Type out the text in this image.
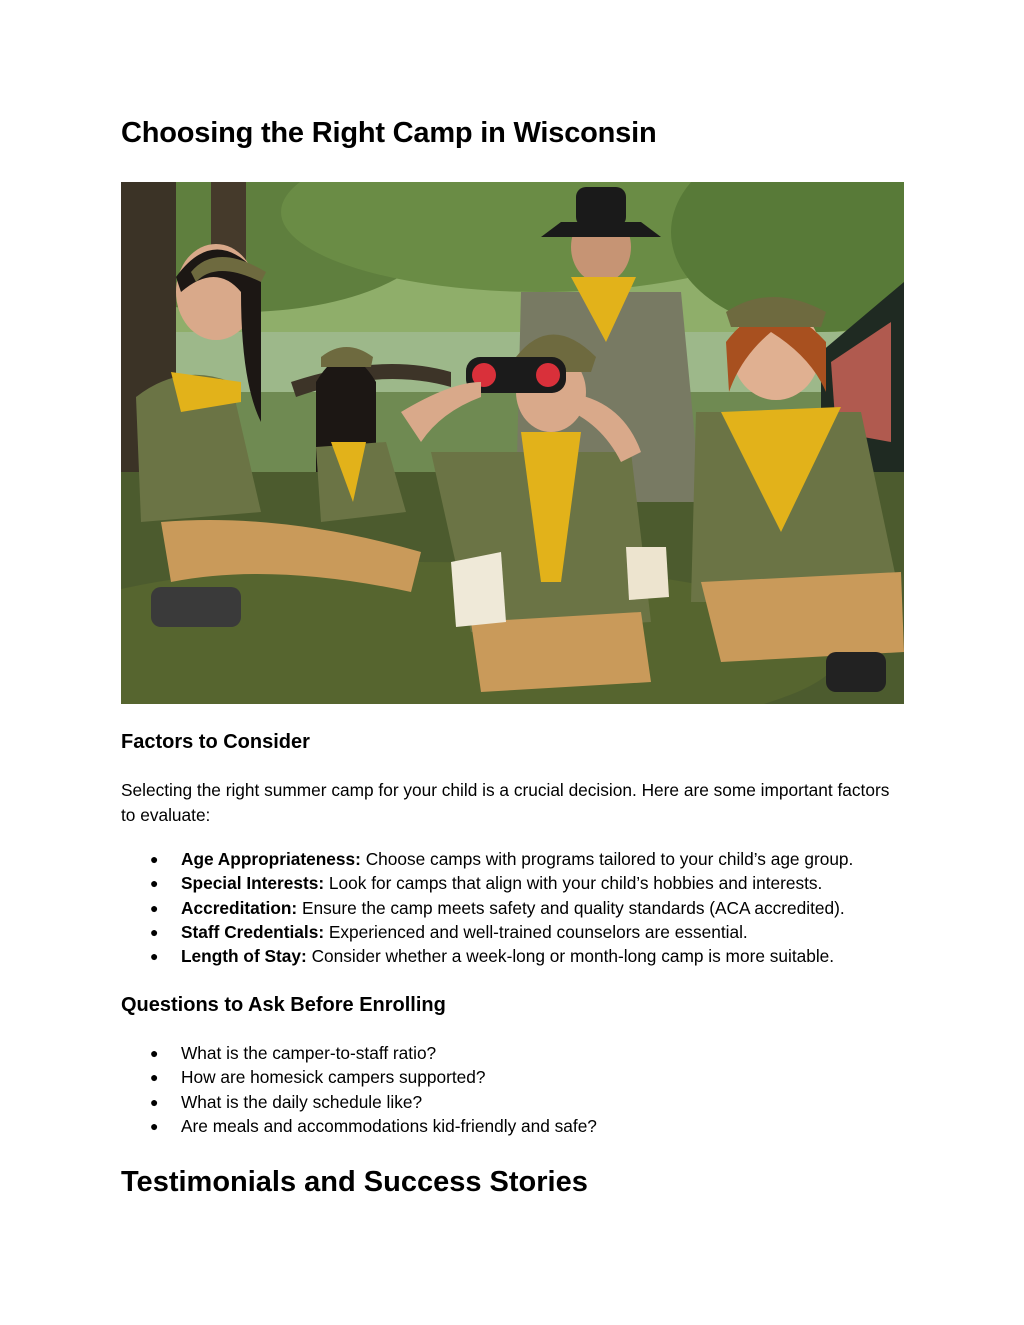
Choosing the Right Camp in Wisconsin
Factors to Consider

Selecting the right summer camp for your child is a crucial decision. Here are some important factors to evaluate:

● Age Appropriateness: Choose camps with programs tailored to your child’s age group.
● Special Interests: Look for camps that align with your child’s hobbies and interests.
● Accreditation: Ensure the camp meets safety and quality standards (ACA accredited).
● Staff Credentials: Experienced and well-trained counselors are essential.
● Length of Stay: Consider whether a week-long or month-long camp is more suitable.
Questions to Ask Before Enrolling
● What is the camper-to-staff ratio?
● How are homesick campers supported?
● What is the daily schedule like?
● Are meals and accommodations kid-friendly and safe?
Testimonials and Success Stories
